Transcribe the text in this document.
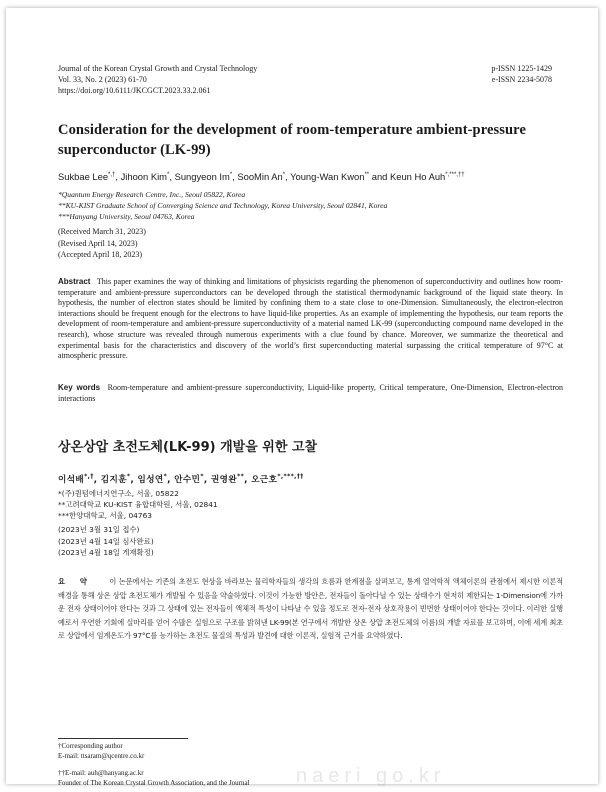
Journal of the Korean Crystal Growth and Crystal Technology
Vol. 33, No. 2 (2023) 61-70
https://doi.org/10.6111/JKCGCT.2023.33.2.061
p-ISSN 1225-1429
e-ISSN 2234-5078
Consideration for the development of room-temperature ambient-pressure superconductor (LK-99)
Sukbae Lee*,†, Jihoon Kim*, Sungyeon Im*, SooMin An*, Young-Wan Kwon** and Keun Ho Auh*,***,††
*Quantum Energy Research Centre, Inc., Seoul 05822, Korea
**KU-KIST Graduate School of Converging Science and Technology, Korea University, Seoul 02841, Korea
***Hanyang University, Seoul 04763, Korea
(Received March 31, 2023)
(Revised April 14, 2023)
(Accepted April 18, 2023)
Abstract This paper examines the way of thinking and limitations of physicists regarding the phenomenon of superconductivity and outlines how room-temperature and ambient-pressure superconductors can be developed through the statistical thermodynamic background of the liquid state theory. In hypothesis, the number of electron states should be limited by confining them to a state close to one-Dimension. Simultaneously, the electron-electron interactions should be frequent enough for the electrons to have liquid-like properties. As an example of implementing the hypothesis, our team reports the development of room-temperature and ambient-pressure superconductivity of a material named LK-99 (superconducting compound name developed in the research), whose structure was revealed through numerous experiments with a clue found by chance. Moreover, we summarize the theoretical and experimental basis for the characteristics and discovery of the world’s first superconducting material surpassing the critical temperature of 97°C at atmospheric pressure.
Key words Room-temperature and ambient-pressure superconductivity, Liquid-like property, Critical temperature, One-Dimension, Electron-electron interactions
상온상압 초전도체(LK-99) 개발을 위한 고찰
이석배*,†, 김지훈*, 임성연*, 안수민*, 권영완**, 오근호*,***,††
*(주)퀀텀에너지연구소, 서울, 05822
**고려대학교 KU-KIST 융합대학원, 서울, 02841
***한양대학교, 서울, 04763
(2023년 3월 31일 접수)
(2023년 4월 14일 심사완료)
(2023년 4월 18일 게재확정)
요 약 이 논문에서는 기존의 초전도 현상을 바라보는 물리학자들의 생각의 흐름과 한계점을 살펴보고, 통계 열역학적 액체이론의 관점에서 제시한 이론적 배경을 통해 상온 상압 초전도체가 개발될 수 있음을 약술하였다. 이것이 가능한 방안은, 전자들이 돌아다닐 수 있는 상태수가 현저히 제한되는 1-Dimension에 가까운 전자 상태이어야 한다는 것과 그 상태에 있는 전자들이 액체적 특성이 나타날 수 있을 정도로 전자-전자 상호작용이 빈번한 상태이어야 한다는 것이다. 이러한 실행 예로서 우연한 기회에 실마리를 얻어 수많은 실험으로 구조를 밝혀낸 LK-99(본 연구에서 개발한 상온 상압 초전도체의 이름)의 개발 자료를 보고하며, 이에 세계 최초로 상압에서 임계온도가 97°C를 능가하는 초전도 물질의 특성과 발견에 대한 이론적, 실험적 근거를 요약하였다.
†Corresponding author
E-mail: ttsaram@qcentre.co.kr
††E-mail: auh@hanyang.ac.kr
Founder of The Korean Crystal Growth Association, and the Journal naeri go.kr
